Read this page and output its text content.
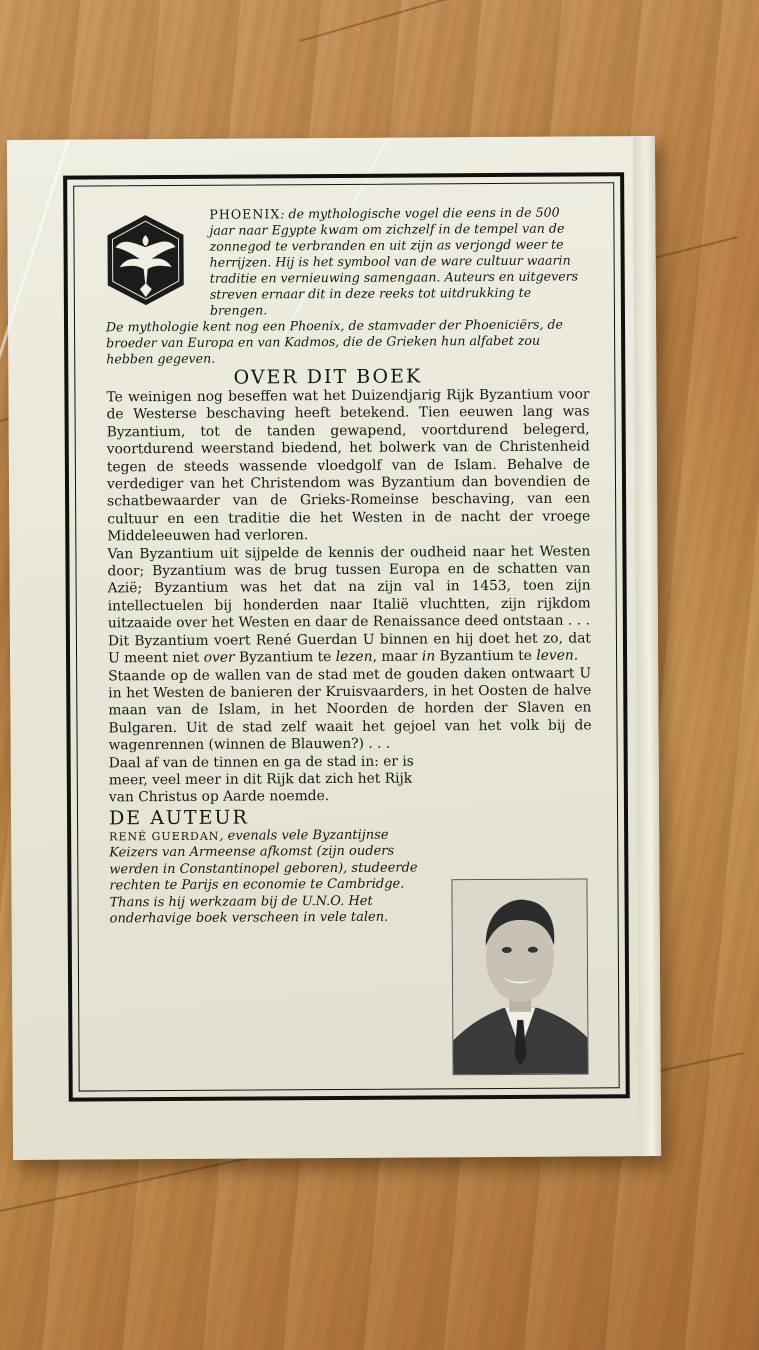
PHOENIX: de mythologische vogel die eens in de 500 jaar naar Egypte kwam om zichzelf in de tempel van de zonnegod te verbranden en uit zijn as verjongd weer te herrijzen. Hij is het symbool van de ware cultuur waarin traditie en vernieuwing samengaan. Auteurs en uitgevers streven ernaar dit in deze reeks tot uitdrukking te brengen.
De mythologie kent nog een Phoenix, de stamvader der Phoeniciërs, de broeder van Europa en van Kadmos, die de Grieken hun alfabet zou hebben gegeven.
OVER DIT BOEK

Te weinigen nog beseffen wat het Duizendjarig Rijk Byzantium voor de Westerse beschaving heeft betekend. Tien eeuwen lang was Byzantium, tot de tanden gewapend, voortdurend belegerd, voortdurend weerstand biedend, het bolwerk van de Christenheid tegen de steeds wassende vloedgolf van de Islam. Behalve de verdediger van het Christendom was Byzantium dan bovendien de schatbewaarder van de Grieks-Romeinse beschaving, van een cultuur en een traditie die het Westen in de nacht der vroege Middeleeuwen had verloren.

Van Byzantium uit sijpelde de kennis der oudheid naar het Westen door; Byzantium was de brug tussen Europa en de schatten van Azië; Byzantium was het dat na zijn val in 1453, toen zijn intellectuelen bij honderden naar Italië vluchtten, zijn rijkdom uitzaaide over het Westen en daar de Renaissance deed ontstaan . . .

Dit Byzantium voert René Guerdan U binnen en hij doet het zo, dat U meent niet over Byzantium te lezen, maar in Byzantium te leven.

Staande op de wallen van de stad met de gouden daken ontwaart U in het Westen de banieren der Kruisvaarders, in het Oosten de halve maan van de Islam, in het Noorden de horden der Slaven en Bulgaren. Uit de stad zelf waait het gejoel van het volk bij de wagenrennen (winnen de Blauwen?) . . .

Daal af van de tinnen en ga de stad in: er is meer, veel meer in dit Rijk dat zich het Rijk van Christus op Aarde noemde.

DE AUTEUR
RENÉ GUERDAN, evenals vele Byzantijnse Keizers van Armeense afkomst (zijn ouders werden in Constantinopel geboren), studeerde rechten te Parijs en economie te Cambridge. Thans is hij werkzaam bij de U.N.O. Het onderhavige boek verscheen in vele talen.
